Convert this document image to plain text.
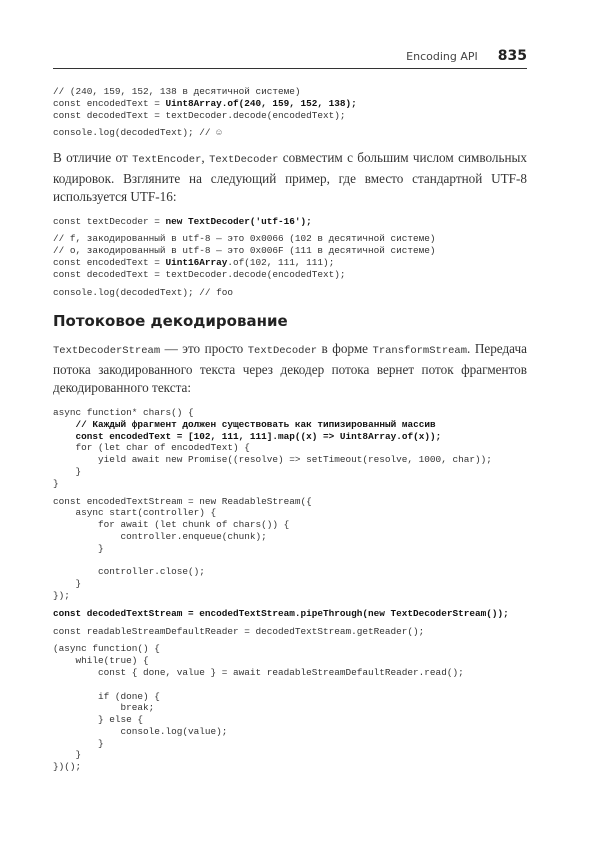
Encoding API 835
// (240, 159, 152, 138 в десятичной системе)
const encodedText = Uint8Array.of(240, 159, 152, 138);
const decodedText = textDecoder.decode(encodedText);
console.log(decodedText); // ☺

В отличие от TextEncoder, TextDecoder совместим с большим числом символьных кодировок. Взгляните на следующий пример, где вместо стандартной UTF-8 используется UTF-16:

const textDecoder = new TextDecoder('utf-16');
// f, закодированный в utf-8 — это 0x0066 (102 в десятичной системе)
// o, закодированный в utf-8 — это 0x006F (111 в десятичной системе)
const encodedText = Uint16Array.of(102, 111, 111);
const decodedText = textDecoder.decode(encodedText);
console.log(decodedText); // foo
Потоковое декодирование

TextDecoderStream — это просто TextDecoder в форме TransformStream. Передача потока закодированного текста через декодер потока вернет поток фрагментов декодированного текста:

async function* chars() {
// Каждый фрагмент должен существовать как типизированный массив
const encodedText = [102, 111, 111].map((x) => Uint8Array.of(x));
for (let char of encodedText) {
yield await new Promise((resolve) => setTimeout(resolve, 1000, char));
}
}
const encodedTextStream = new ReadableStream({
async start(controller) {
for await (let chunk of chars()) {
controller.enqueue(chunk);
}

controller.close();
}
});
const decodedTextStream = encodedTextStream.pipeThrough(new TextDecoderStream());
const readableStreamDefaultReader = decodedTextStream.getReader();
(async function() {
while(true) {
const { done, value } = await readableStreamDefaultReader.read();

if (done) {
break;
} else {
console.log(value);
}
}
})();
